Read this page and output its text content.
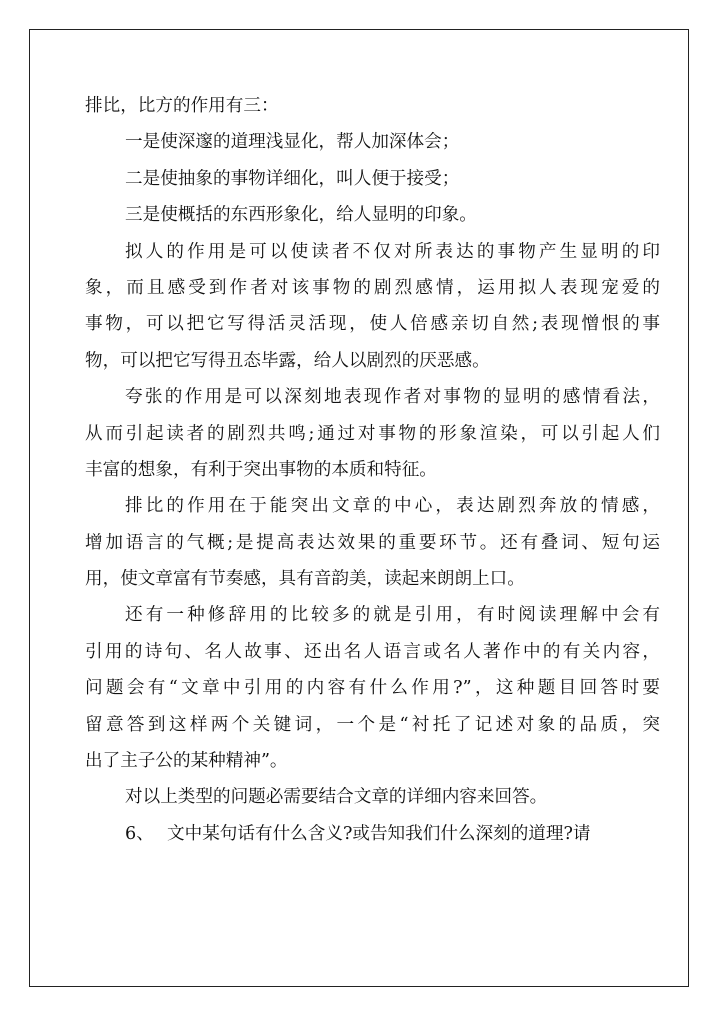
排比，比方的作用有三：
一是使深邃的道理浅显化，帮人加深体会；
二是使抽象的事物详细化，叫人便于接受；
三是使概括的东西形象化，给人显明的印象。
拟人的作用是可以使读者不仅对所表达的事物产生显明的印
象，而且感受到作者对该事物的剧烈感情，运用拟人表现宠爱的
事物，可以把它写得活灵活现，使人倍感亲切自然;表现憎恨的事
物，可以把它写得丑态毕露，给人以剧烈的厌恶感。
夸张的作用是可以深刻地表现作者对事物的显明的感情看法，
从而引起读者的剧烈共鸣;通过对事物的形象渲染，可以引起人们
丰富的想象，有利于突出事物的本质和特征。
排比的作用在于能突出文章的中心，表达剧烈奔放的情感，
增加语言的气概;是提高表达效果的重要环节。还有叠词、短句运
用，使文章富有节奏感，具有音韵美，读起来朗朗上口。
还有一种修辞用的比较多的就是引用，有时阅读理解中会有
引用的诗句、名人故事、还出名人语言或名人著作中的有关内容，
问题会有“文章中引用的内容有什么作用?”，这种题目回答时要
留意答到这样两个关键词，一个是“衬托了记述对象的品质，突
出了主子公的某种精神”。
对以上类型的问题必需要结合文章的详细内容来回答。
6、 文中某句话有什么含义?或告知我们什么深刻的道理?请
